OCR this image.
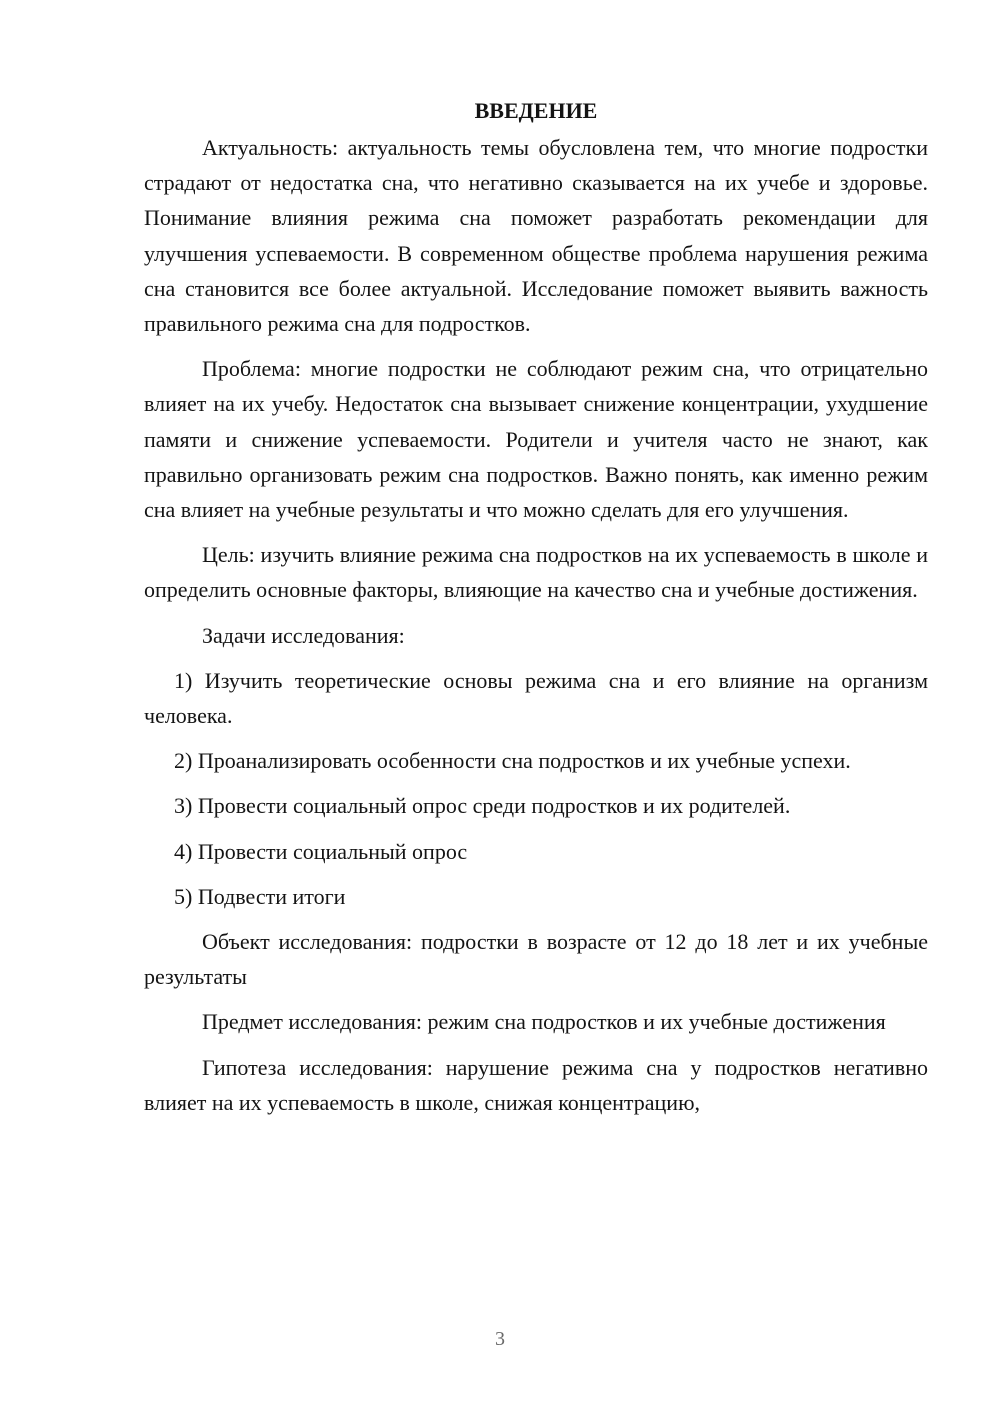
ВВЕДЕНИЕ

Актуальность: актуальность темы обусловлена тем, что многие подростки страдают от недостатка сна, что негативно сказывается на их учебе и здоровье. Понимание влияния режима сна поможет разработать рекомендации для улучшения успеваемости. В современном обществе проблема нарушения режима сна становится все более актуальной. Исследование поможет выявить важность правильного режима сна для подростков.

Проблема: многие подростки не соблюдают режим сна, что отрицательно влияет на их учебу. Недостаток сна вызывает снижение концентрации, ухудшение памяти и снижение успеваемости. Родители и учителя часто не знают, как правильно организовать режим сна подростков. Важно понять, как именно режим сна влияет на учебные результаты и что можно сделать для его улучшения.

Цель: изучить влияние режима сна подростков на их успеваемость в школе и определить основные факторы, влияющие на качество сна и учебные достижения.

Задачи исследования:

1) Изучить теоретические основы режима сна и его влияние на организм человека.

2) Проанализировать особенности сна подростков и их учебные успехи.

3) Провести социальный опрос среди подростков и их родителей.

4) Провести социальный опрос

5) Подвести итоги

Объект исследования: подростки в возрасте от 12 до 18 лет и их учебные результаты

Предмет исследования: режим сна подростков и их учебные достижения

Гипотеза исследования: нарушение режима сна у подростков негативно влияет на их успеваемость в школе, снижая концентрацию,

3
